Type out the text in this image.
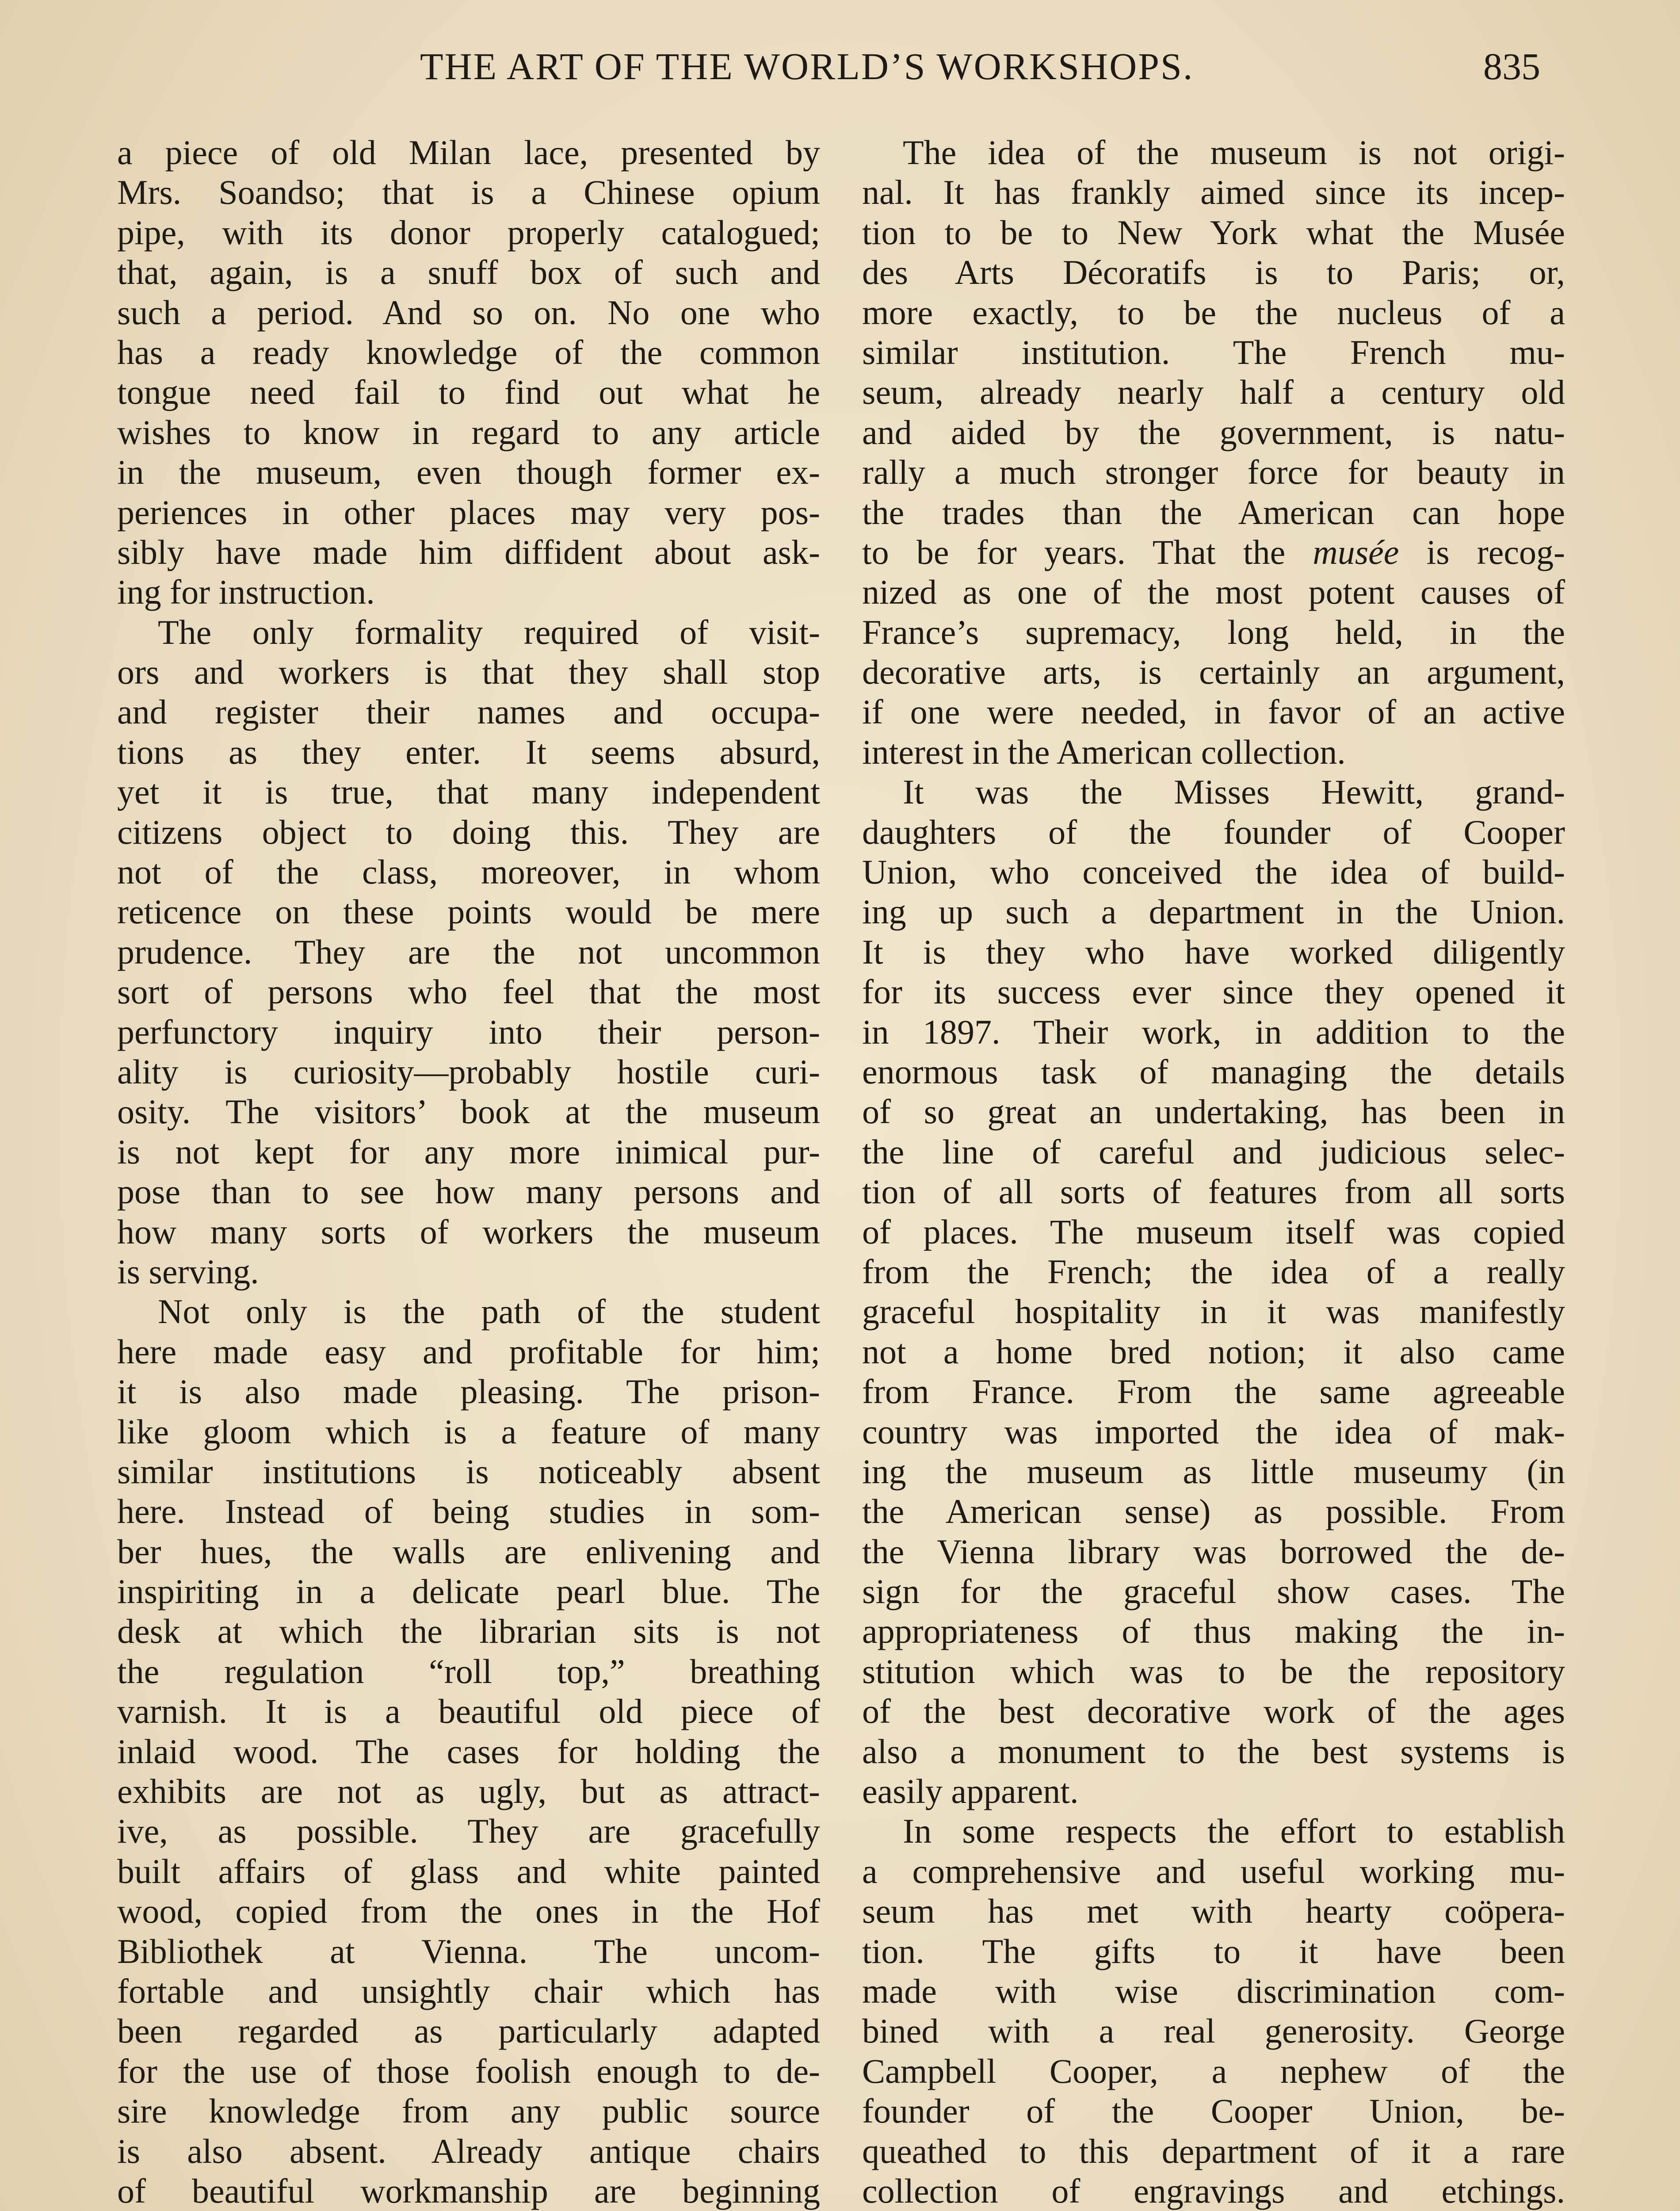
THE ART OF THE WORLD’S WORKSHOPS.	835
a piece of old Milan lace, presented by
Mrs. Soandso; that is a Chinese opium
pipe, with its donor properly catalogued;
that, again, is a snuff box of such and
such a period. And so on. No one who
has a ready knowledge of the common
tongue need fail to find out what he
wishes to know in regard to any article
in the museum, even though former ex-
periences in other places may very pos-
sibly have made him diffident about ask-
ing for instruction.
The only formality required of visit-
ors and workers is that they shall stop
and register their names and occupa-
tions as they enter. It seems absurd,
yet it is true, that many independent
citizens object to doing this. They are
not of the class, moreover, in whom
reticence on these points would be mere
prudence. They are the not uncommon
sort of persons who feel that the most
perfunctory inquiry into their person-
ality is curiosity—probably hostile curi-
osity. The visitors’ book at the museum
is not kept for any more inimical pur-
pose than to see how many persons and
how many sorts of workers the museum
is serving.
Not only is the path of the student
here made easy and profitable for him;
it is also made pleasing. The prison-
like gloom which is a feature of many
similar institutions is noticeably absent
here. Instead of being studies in som-
ber hues, the walls are enlivening and
inspiriting in a delicate pearl blue. The
desk at which the librarian sits is not
the regulation “roll top,” breathing
varnish. It is a beautiful old piece of
inlaid wood. The cases for holding the
exhibits are not as ugly, but as attract-
ive, as possible. They are gracefully
built affairs of glass and white painted
wood, copied from the ones in the Hof
Bibliothek at Vienna. The uncom-
fortable and unsightly chair which has
been regarded as particularly adapted
for the use of those foolish enough to de-
sire knowledge from any public source
is also absent. Already antique chairs
of beautiful workmanship are beginning
The idea of the museum is not origi-
nal. It has frankly aimed since its incep-
tion to be to New York what the Musée
des Arts Décoratifs is to Paris; or,
more exactly, to be the nucleus of a
similar institution. The French mu-
seum, already nearly half a century old
and aided by the government, is natu-
rally a much stronger force for beauty in
the trades than the American can hope
to be for years. That the musée is recog-
nized as one of the most potent causes of
France’s supremacy, long held, in the
decorative arts, is certainly an argument,
if one were needed, in favor of an active
interest in the American collection.
It was the Misses Hewitt, grand-
daughters of the founder of Cooper
Union, who conceived the idea of build-
ing up such a department in the Union.
It is they who have worked diligently
for its success ever since they opened it
in 1897. Their work, in addition to the
enormous task of managing the details
of so great an undertaking, has been in
the line of careful and judicious selec-
tion of all sorts of features from all sorts
of places. The museum itself was copied
from the French; the idea of a really
graceful hospitality in it was manifestly
not a home bred notion; it also came
from France. From the same agreeable
country was imported the idea of mak-
ing the museum as little museumy (in
the American sense) as possible. From
the Vienna library was borrowed the de-
sign for the graceful show cases. The
appropriateness of thus making the in-
stitution which was to be the repository
of the best decorative work of the ages
also a monument to the best systems is
easily apparent.
In some respects the effort to establish
a comprehensive and useful working mu-
seum has met with hearty coöpera-
tion. The gifts to it have been
made with wise discrimination com-
bined with a real generosity. George
Campbell Cooper, a nephew of the
founder of the Cooper Union, be-
queathed to this department of it a rare
collection of engravings and etchings.
